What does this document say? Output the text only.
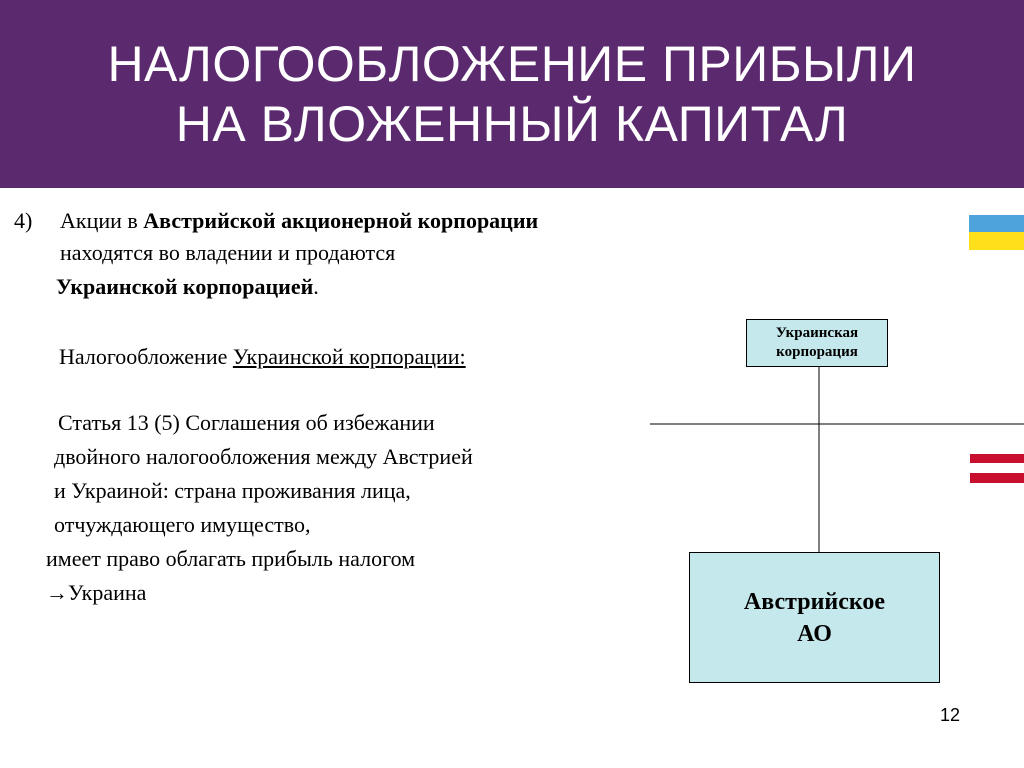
НАЛОГООБЛОЖЕНИЕ ПРИБЫЛИ
НА ВЛОЖЕННЫЙ КАПИТАЛ
4) Акции в Австрийской акционерной корпорации
находятся во владении и продаются
Украинской корпорацией.
Налогообложение Украинской корпорации:
Статья 13 (5) Соглашения об избежании
двойного налогообложения между Австрией
и Украиной: страна проживания лица,
отчуждающего имущество,
имеет право облагать прибыль налогом
→Украина
Украинская
корпорация
Австрийское
АО
12
